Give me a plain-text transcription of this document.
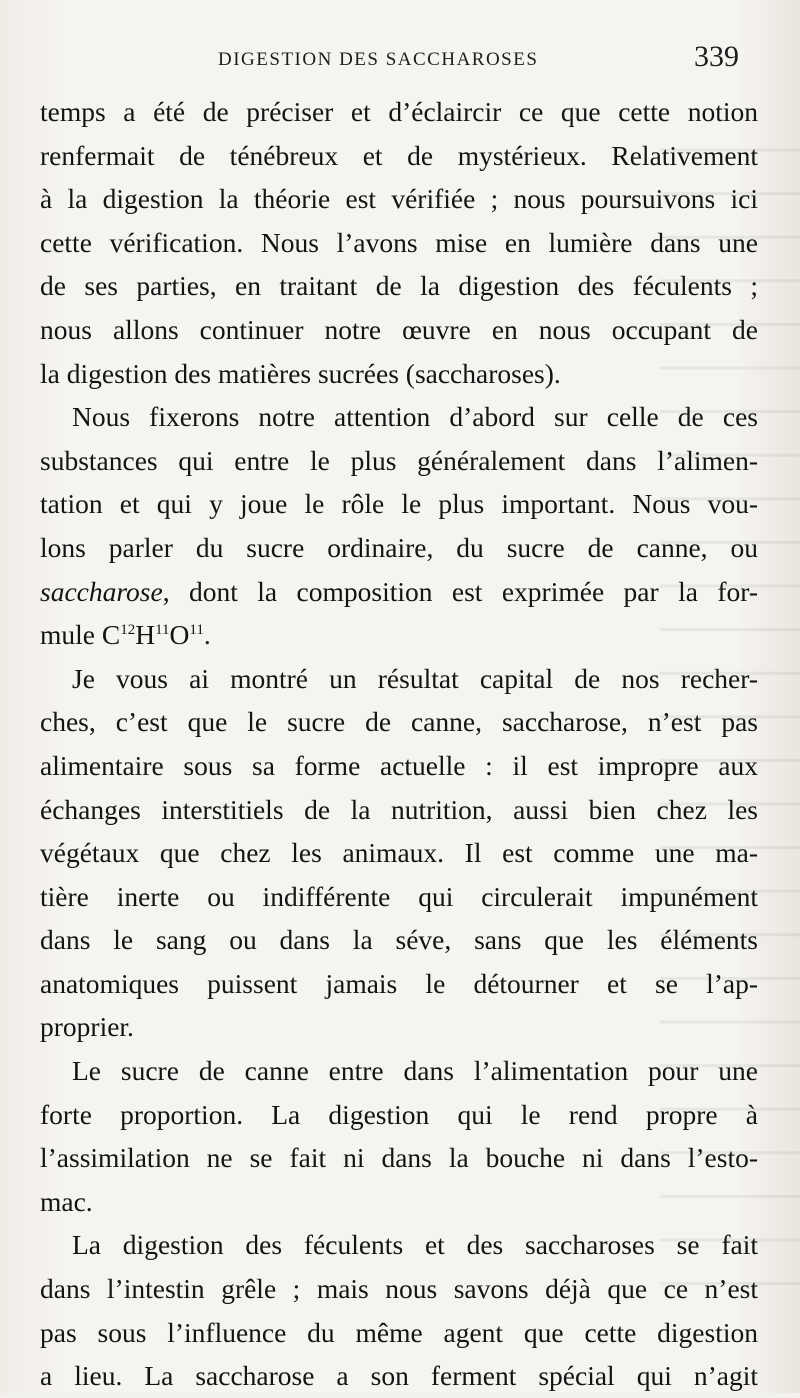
DIGESTION DES SACCHAROSES	339
temps a été de préciser et d’éclaircir ce que cette notion
renfermait de ténébreux et de mystérieux. Relativement
à la digestion la théorie est vérifiée ; nous poursuivons ici
cette vérification. Nous l’avons mise en lumière dans une
de ses parties, en traitant de la digestion des féculents ;
nous allons continuer notre œuvre en nous occupant de
la digestion des matières sucrées (saccharoses).
Nous fixerons notre attention d’abord sur celle de ces
substances qui entre le plus généralement dans l’alimen-
tation et qui y joue le rôle le plus important. Nous vou-
lons parler du sucre ordinaire, du sucre de canne, ou
saccharose, dont la composition est exprimée par la for-
mule $C^{12}H^{11}O^{11}$.
Je vous ai montré un résultat capital de nos recher-
ches, c’est que le sucre de canne, saccharose, n’est pas
alimentaire sous sa forme actuelle : il est impropre aux
échanges interstitiels de la nutrition, aussi bien chez les
végétaux que chez les animaux. Il est comme une ma-
tière inerte ou indifférente qui circulerait impunément
dans le sang ou dans la séve, sans que les éléments
anatomiques puissent jamais le détourner et se l’ap-
proprier.
Le sucre de canne entre dans l’alimentation pour une
forte proportion. La digestion qui le rend propre à
l’assimilation ne se fait ni dans la bouche ni dans l’esto-
mac.
La digestion des féculents et des saccharoses se fait
dans l’intestin grêle ; mais nous savons déjà que ce n’est
pas sous l’influence du même agent que cette digestion
a lieu. La saccharose a son ferment spécial qui n’agit
